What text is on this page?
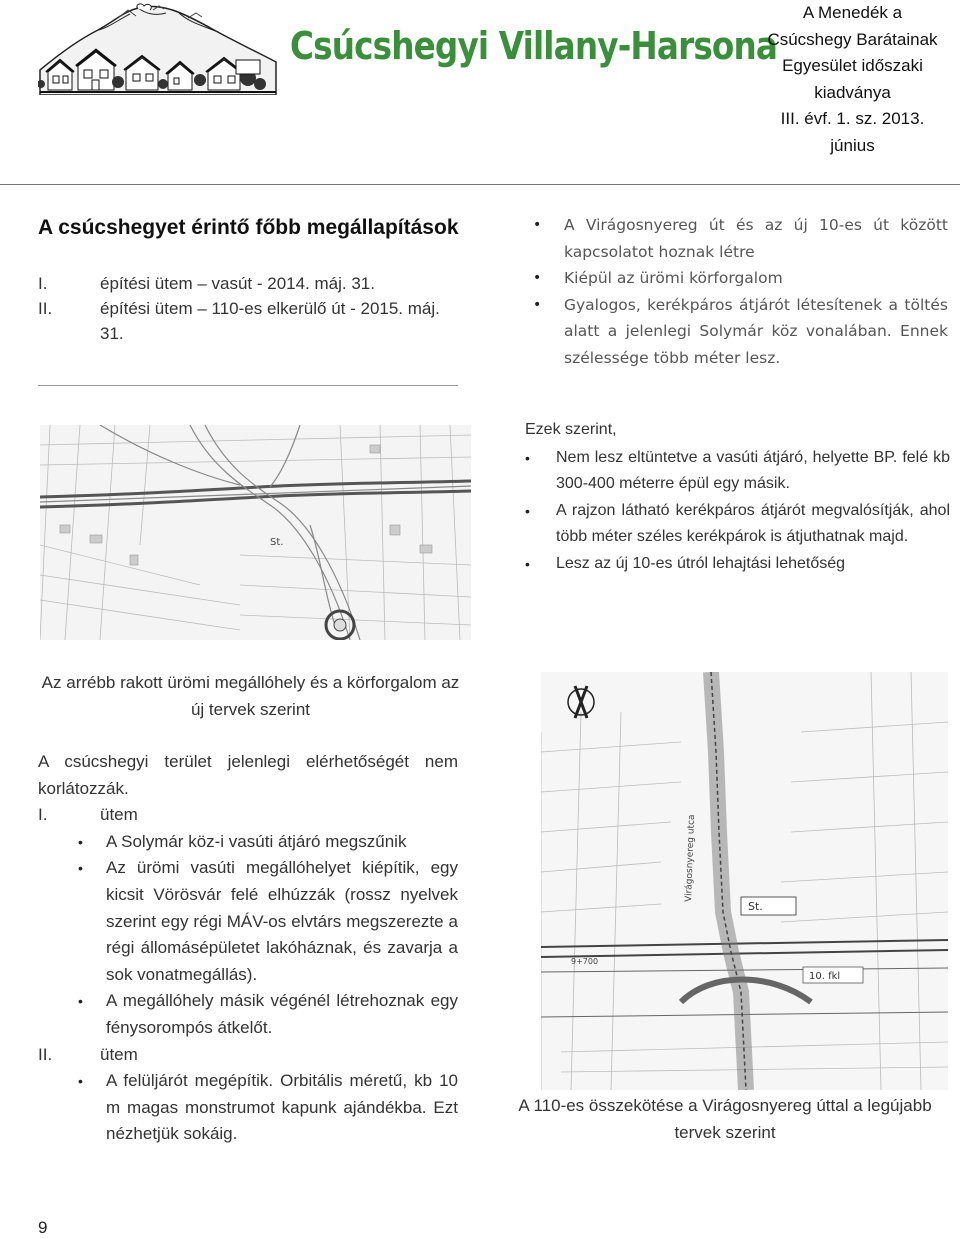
Csúcshegyi Villany-Harsona
A Menedék a
Csúcshegy Barátainak
Egyesület időszaki
kiadványa
III. évf. 1. sz. 2013.
június
A csúcshegyet érintő főbb megállapítások
I.	építési ütem – vasút - 2014. máj. 31.
II.	építési ütem – 110-es elkerülő út - 2015. máj. 31.
• A Virágosnyereg út és az új 10-es út között kapcsolatot hoznak létre
• Kiépül az ürömi körforgalom
• Gyalogos, kerékpáros átjárót létesítenek a töltés alatt a jelenlegi Solymár köz vonalában. Ennek szélessége több méter lesz.
St.
Ezek szerint,
• Nem lesz eltüntetve a vasúti átjáró, helyette BP. felé kb 300-400 méterre épül egy másik.
• A rajzon látható kerékpáros átjárót megvalósítják, ahol több méter széles kerékpárok is átjuthatnak majd.
• Lesz az új 10-es útról lehajtási lehetőség
Az arrébb rakott ürömi megállóhely és a körforgalom az új tervek szerint
St.
Virágosnyereg utca
10. fkl
9+700
A 110-es összekötése a Virágosnyereg úttal a legújabb tervek szerint
A csúcshegyi terület jelenlegi elérhetőségét nem korlátozzák.
I.	ütem
• A Solymár köz-i vasúti átjáró megszűnik
• Az ürömi vasúti megállóhelyet kiépítik, egy kicsit Vörösvár felé elhúzzák (rossz nyelvek szerint egy régi MÁV-os elvtárs megszerezte a régi állomásépületet lakóháznak, és zavarja a sok vonatmegállás).
• A megállóhely másik végénél létrehoznak egy fénysorompós átkelőt.
II.	ütem
• A felüljárót megépítik. Orbitális méretű, kb 10 m magas monstrumot kapunk ajándékba. Ezt nézhetjük sokáig.
9
